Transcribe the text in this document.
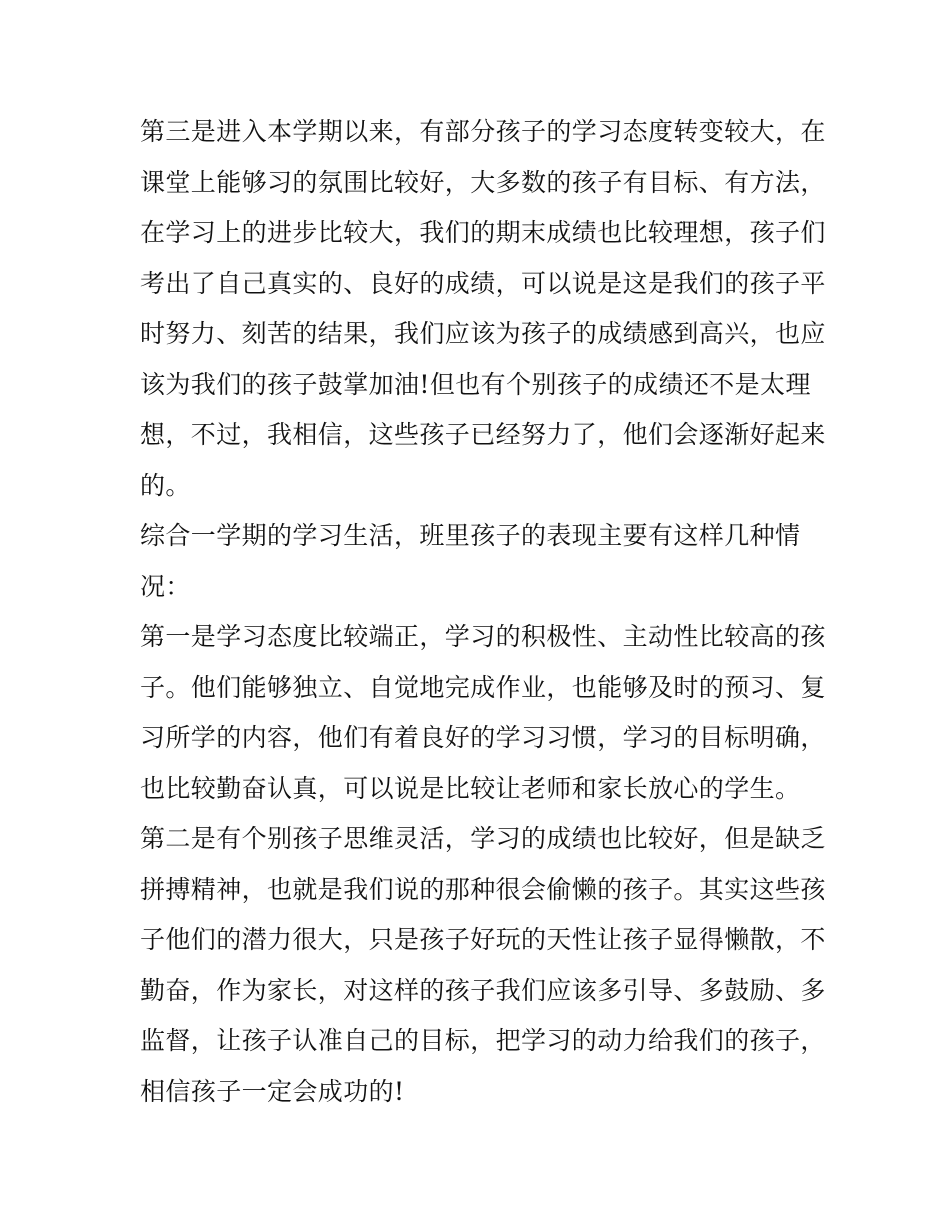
第三是进入本学期以来，有部分孩子的学习态度转变较大，在
课堂上能够习的氛围比较好，大多数的孩子有目标、有方法，
在学习上的进步比较大，我们的期末成绩也比较理想，孩子们
考出了自己真实的、良好的成绩，可以说是这是我们的孩子平
时努力、刻苦的结果，我们应该为孩子的成绩感到高兴，也应
该为我们的孩子鼓掌加油!但也有个别孩子的成绩还不是太理
想，不过，我相信，这些孩子已经努力了，他们会逐渐好起来
的。
综合一学期的学习生活，班里孩子的表现主要有这样几种情
况：
第一是学习态度比较端正，学习的积极性、主动性比较高的孩
子。他们能够独立、自觉地完成作业，也能够及时的预习、复
习所学的内容，他们有着良好的学习习惯，学习的目标明确，
也比较勤奋认真，可以说是比较让老师和家长放心的学生。
第二是有个别孩子思维灵活，学习的成绩也比较好，但是缺乏
拼搏精神，也就是我们说的那种很会偷懒的孩子。其实这些孩
子他们的潜力很大，只是孩子好玩的天性让孩子显得懒散，不
勤奋，作为家长，对这样的孩子我们应该多引导、多鼓励、多
监督，让孩子认准自己的目标，把学习的动力给我们的孩子，
相信孩子一定会成功的!
